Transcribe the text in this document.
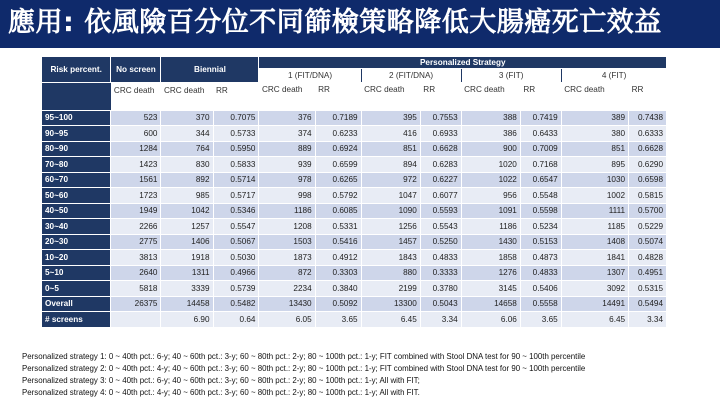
應用: 依風險百分位不同篩檢策略降低大腸癌死亡效益
Risk percent.	No screen	Biennial		Personalized Strategy							
				1 (FIT/DNA)		2 (FIT/DNA)		3 (FIT)		4 (FIT)	
	CRC death	CRC death	RR	CRC death	RR	CRC death	RR	CRC death	RR	CRC death	RR
95~100	523	370	0.7075	376	0.7189	395	0.7553	388	0.7419	389	0.7438
90~95	600	344	0.5733	374	0.6233	416	0.6933	386	0.6433	380	0.6333
80~90	1284	764	0.5950	889	0.6924	851	0.6628	900	0.7009	851	0.6628
70~80	1423	830	0.5833	939	0.6599	894	0.6283	1020	0.7168	895	0.6290
60~70	1561	892	0.5714	978	0.6265	972	0.6227	1022	0.6547	1030	0.6598
50~60	1723	985	0.5717	998	0.5792	1047	0.6077	956	0.5548	1002	0.5815
40~50	1949	1042	0.5346	1186	0.6085	1090	0.5593	1091	0.5598	1111	0.5700
30~40	2266	1257	0.5547	1208	0.5331	1256	0.5543	1186	0.5234	1185	0.5229
20~30	2775	1406	0.5067	1503	0.5416	1457	0.5250	1430	0.5153	1408	0.5074
10~20	3813	1918	0.5030	1873	0.4912	1843	0.4833	1858	0.4873	1841	0.4828
5~10	2640	1311	0.4966	872	0.3303	880	0.3333	1276	0.4833	1307	0.4951
0~5	5818	3339	0.5739	2234	0.3840	2199	0.3780	3145	0.5406	3092	0.5315
Overall	26375	14458	0.5482	13430	0.5092	13300	0.5043	14658	0.5558	14491	0.5494
# screens		6.90	0.64	6.05	3.65	6.45	3.34	6.06	3.65	6.45	3.34
Personalized strategy 1: 0 ~ 40th pct.: 6-y; 40 ~ 60th pct.: 3-y; 60 ~ 80th pct.: 2-y; 80 ~ 100th pct.: 1-y; FIT combined with Stool DNA test for 90 ~ 100th percentile
Personalized strategy 2: 0 ~ 40th pct.: 4-y; 40 ~ 60th pct.: 3-y; 60 ~ 80th pct.: 2-y; 80 ~ 100th pct.: 1-y; FIT combined with Stool DNA test for 90 ~ 100th percentile
Personalized strategy 3: 0 ~ 40th pct.: 6-y; 40 ~ 60th pct.: 3-y; 60 ~ 80th pct.: 2-y; 80 ~ 100th pct.: 1-y; All with FIT;
Personalized strategy 4: 0 ~ 40th pct.: 4-y; 40 ~ 60th pct.: 3-y; 60 ~ 80th pct.: 2-y; 80 ~ 100th pct.: 1-y; All with FIT.
